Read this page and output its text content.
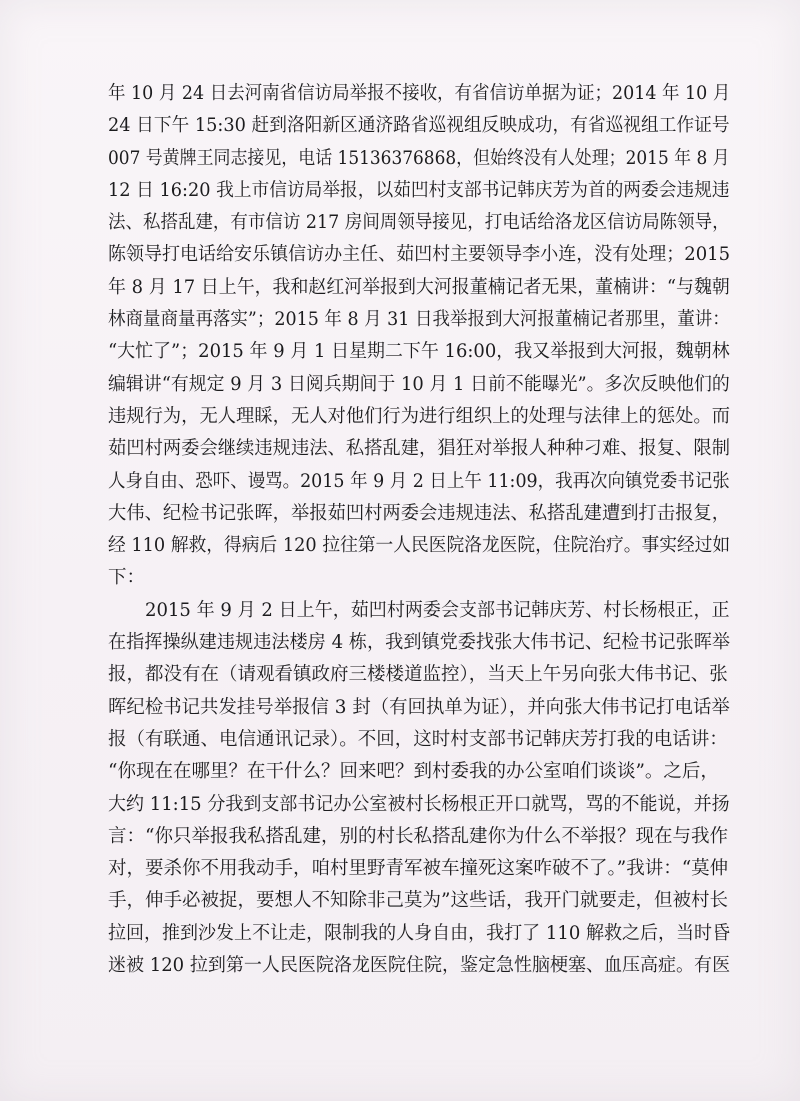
年 10 月 24 日去河南省信访局举报不接收，有省信访单据为证；2014 年 10 月
24 日下午 15:30 赶到洛阳新区通济路省巡视组反映成功，有省巡视组工作证号
007 号黄牌王同志接见，电话 15136376868，但始终没有人处理；2015 年 8 月
12 日 16:20 我上市信访局举报，以茹凹村支部书记韩庆芳为首的两委会违规违
法、私搭乱建，有市信访 217 房间周领导接见，打电话给洛龙区信访局陈领导，
陈领导打电话给安乐镇信访办主任、茹凹村主要领导李小连，没有处理；2015
年 8 月 17 日上午，我和赵红河举报到大河报董楠记者无果，董楠讲：“与魏朝
林商量商量再落实”；2015 年 8 月 31 日我举报到大河报董楠记者那里，董讲：
“大忙了”；2015 年 9 月 1 日星期二下午 16:00，我又举报到大河报，魏朝林
编辑讲“有规定 9 月 3 日阅兵期间于 10 月 1 日前不能曝光”。多次反映他们的
违规行为，无人理睬，无人对他们行为进行组织上的处理与法律上的惩处。而
茹凹村两委会继续违规违法、私搭乱建，猖狂对举报人种种刁难、报复、限制
人身自由、恐吓、谩骂。2015 年 9 月 2 日上午 11:09，我再次向镇党委书记张
大伟、纪检书记张晖，举报茹凹村两委会违规违法、私搭乱建遭到打击报复，
经 110 解救，得病后 120 拉往第一人民医院洛龙医院，住院治疗。事实经过如
下：
2015 年 9 月 2 日上午，茹凹村两委会支部书记韩庆芳、村长杨根正，正
在指挥操纵建违规违法楼房 4 栋，我到镇党委找张大伟书记、纪检书记张晖举
报，都没有在（请观看镇政府三楼楼道监控），当天上午另向张大伟书记、张
晖纪检书记共发挂号举报信 3 封（有回执单为证），并向张大伟书记打电话举
报（有联通、电信通讯记录）。不回，这时村支部书记韩庆芳打我的电话讲：
“你现在在哪里？在干什么？回来吧？到村委我的办公室咱们谈谈”。之后，
大约 11:15 分我到支部书记办公室被村长杨根正开口就骂，骂的不能说，并扬
言：“你只举报我私搭乱建，别的村长私搭乱建你为什么不举报？现在与我作
对，要杀你不用我动手，咱村里野青军被车撞死这案咋破不了。”我讲：“莫伸
手，伸手必被捉，要想人不知除非己莫为”这些话，我开门就要走，但被村长
拉回，推到沙发上不让走，限制我的人身自由，我打了 110 解救之后，当时昏
迷被 120 拉到第一人民医院洛龙医院住院，鉴定急性脑梗塞、血压高症。有医
